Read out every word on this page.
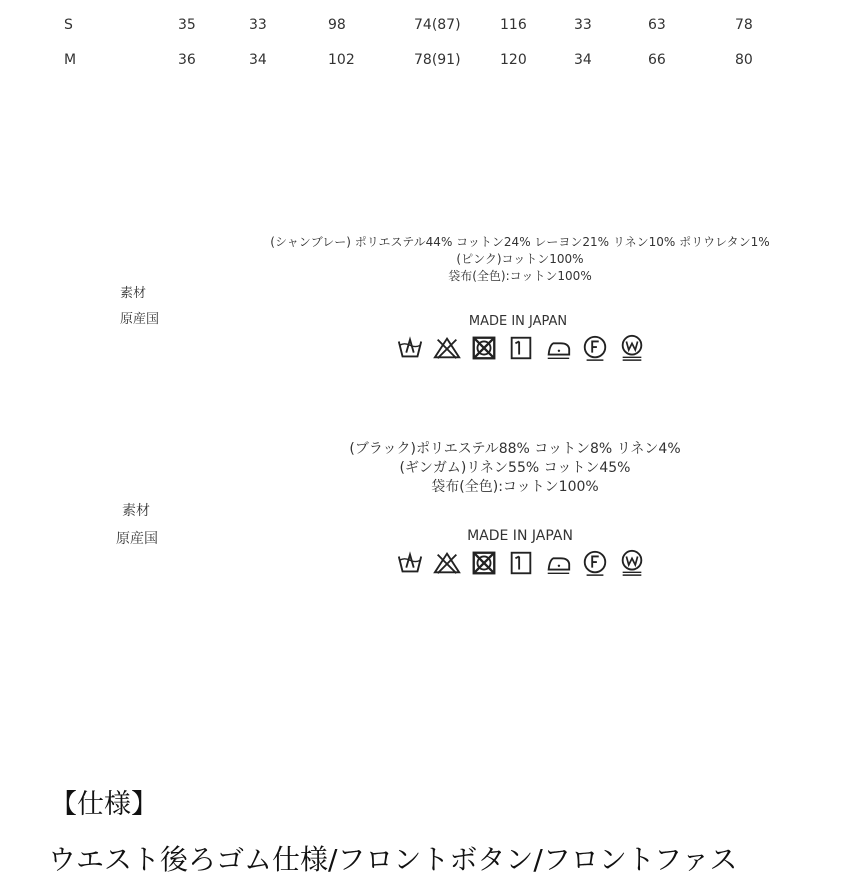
S	35	33	98	74(87)	116	33	63	78
M	36	34	102	78(91)	120	34	66	80
(シャンブレー) ポリエステル44% コットン24% レーヨン21% リネン10% ポリウレタン1%
(ピンク)コットン100%
袋布(全色):コットン100%
素材
原産国	MADE IN JAPAN
(ブラック)ポリエステル88% コットン8% リネン4%
(ギンガム)リネン55% コットン45%
袋布(全色):コットン100%
素材
原産国	MADE IN JAPAN
【仕様】
ウエスト後ろゴム仕様/フロントボタン/フロントファス
